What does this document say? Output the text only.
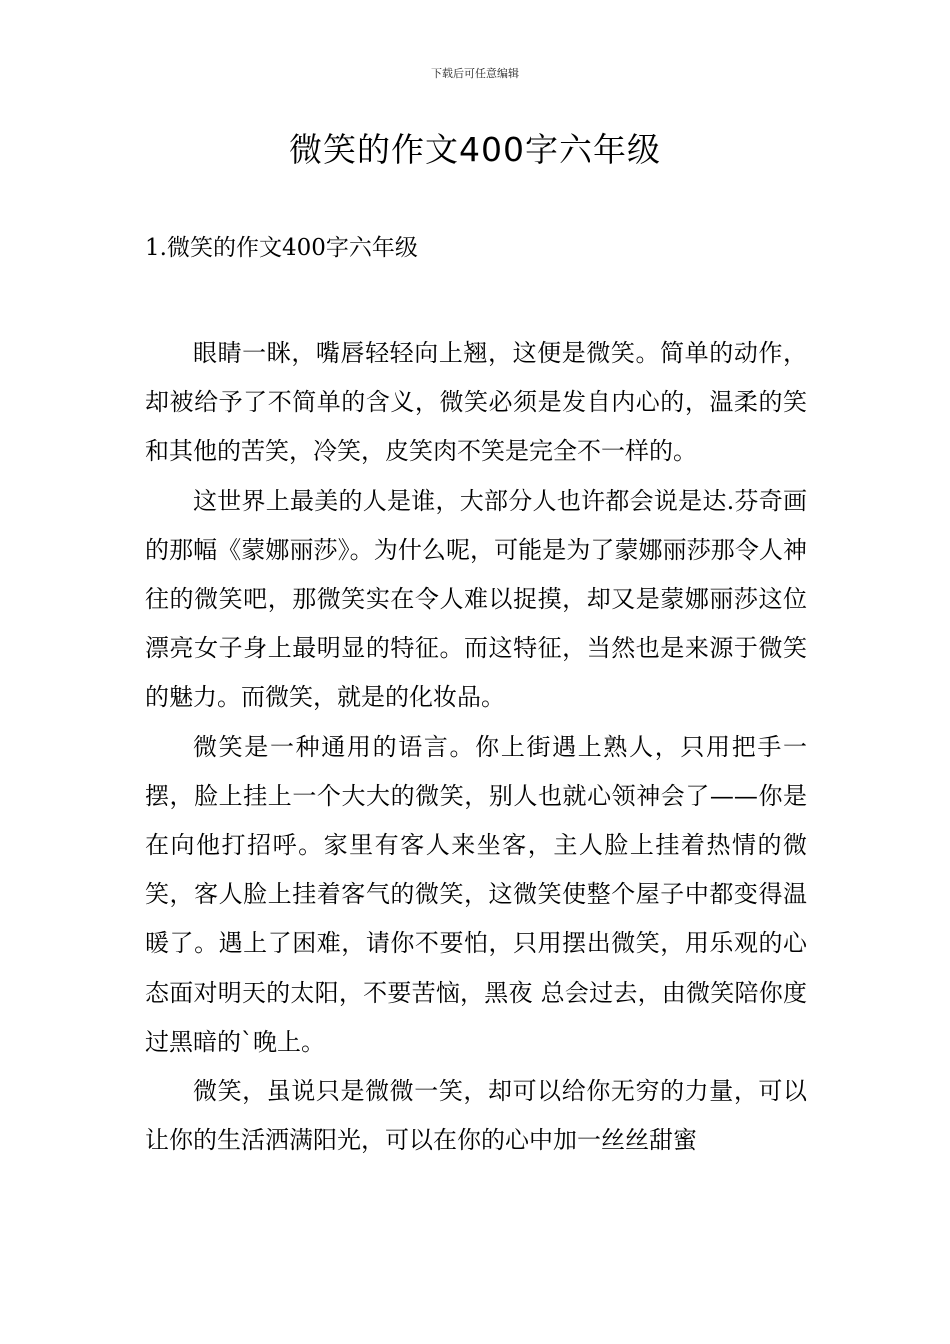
下载后可任意编辑
微笑的作文400字六年级
1.微笑的作文400字六年级

眼睛一眯，嘴唇轻轻向上翘，这便是微笑。简单的动作，却被给予了不简单的含义，微笑必须是发自内心的，温柔的笑和其他的苦笑，冷笑，皮笑肉不笑是完全不一样的。

这世界上最美的人是谁，大部分人也许都会说是达.芬奇画的那幅《蒙娜丽莎》。为什么呢，可能是为了蒙娜丽莎那令人神往的微笑吧，那微笑实在令人难以捉摸，却又是蒙娜丽莎这位漂亮女子身上最明显的特征。而这特征，当然也是来源于微笑的魅力。而微笑，就是的化妆品。

微笑是一种通用的语言。你上街遇上熟人，只用把手一摆，脸上挂上一个大大的微笑，别人也就心领神会了——你是在向他打招呼。家里有客人来坐客，主人脸上挂着热情的微笑，客人脸上挂着客气的微笑，这微笑使整个屋子中都变得温暖了。遇上了困难，请你不要怕，只用摆出微笑，用乐观的心态面对明天的太阳，不要苦恼，黑夜 总会过去，由微笑陪你度过黑暗的`晚上。

微笑，虽说只是微微一笑，却可以给你无穷的力量，可以让你的生活洒满阳光，可以在你的心中加一丝丝甜蜜
